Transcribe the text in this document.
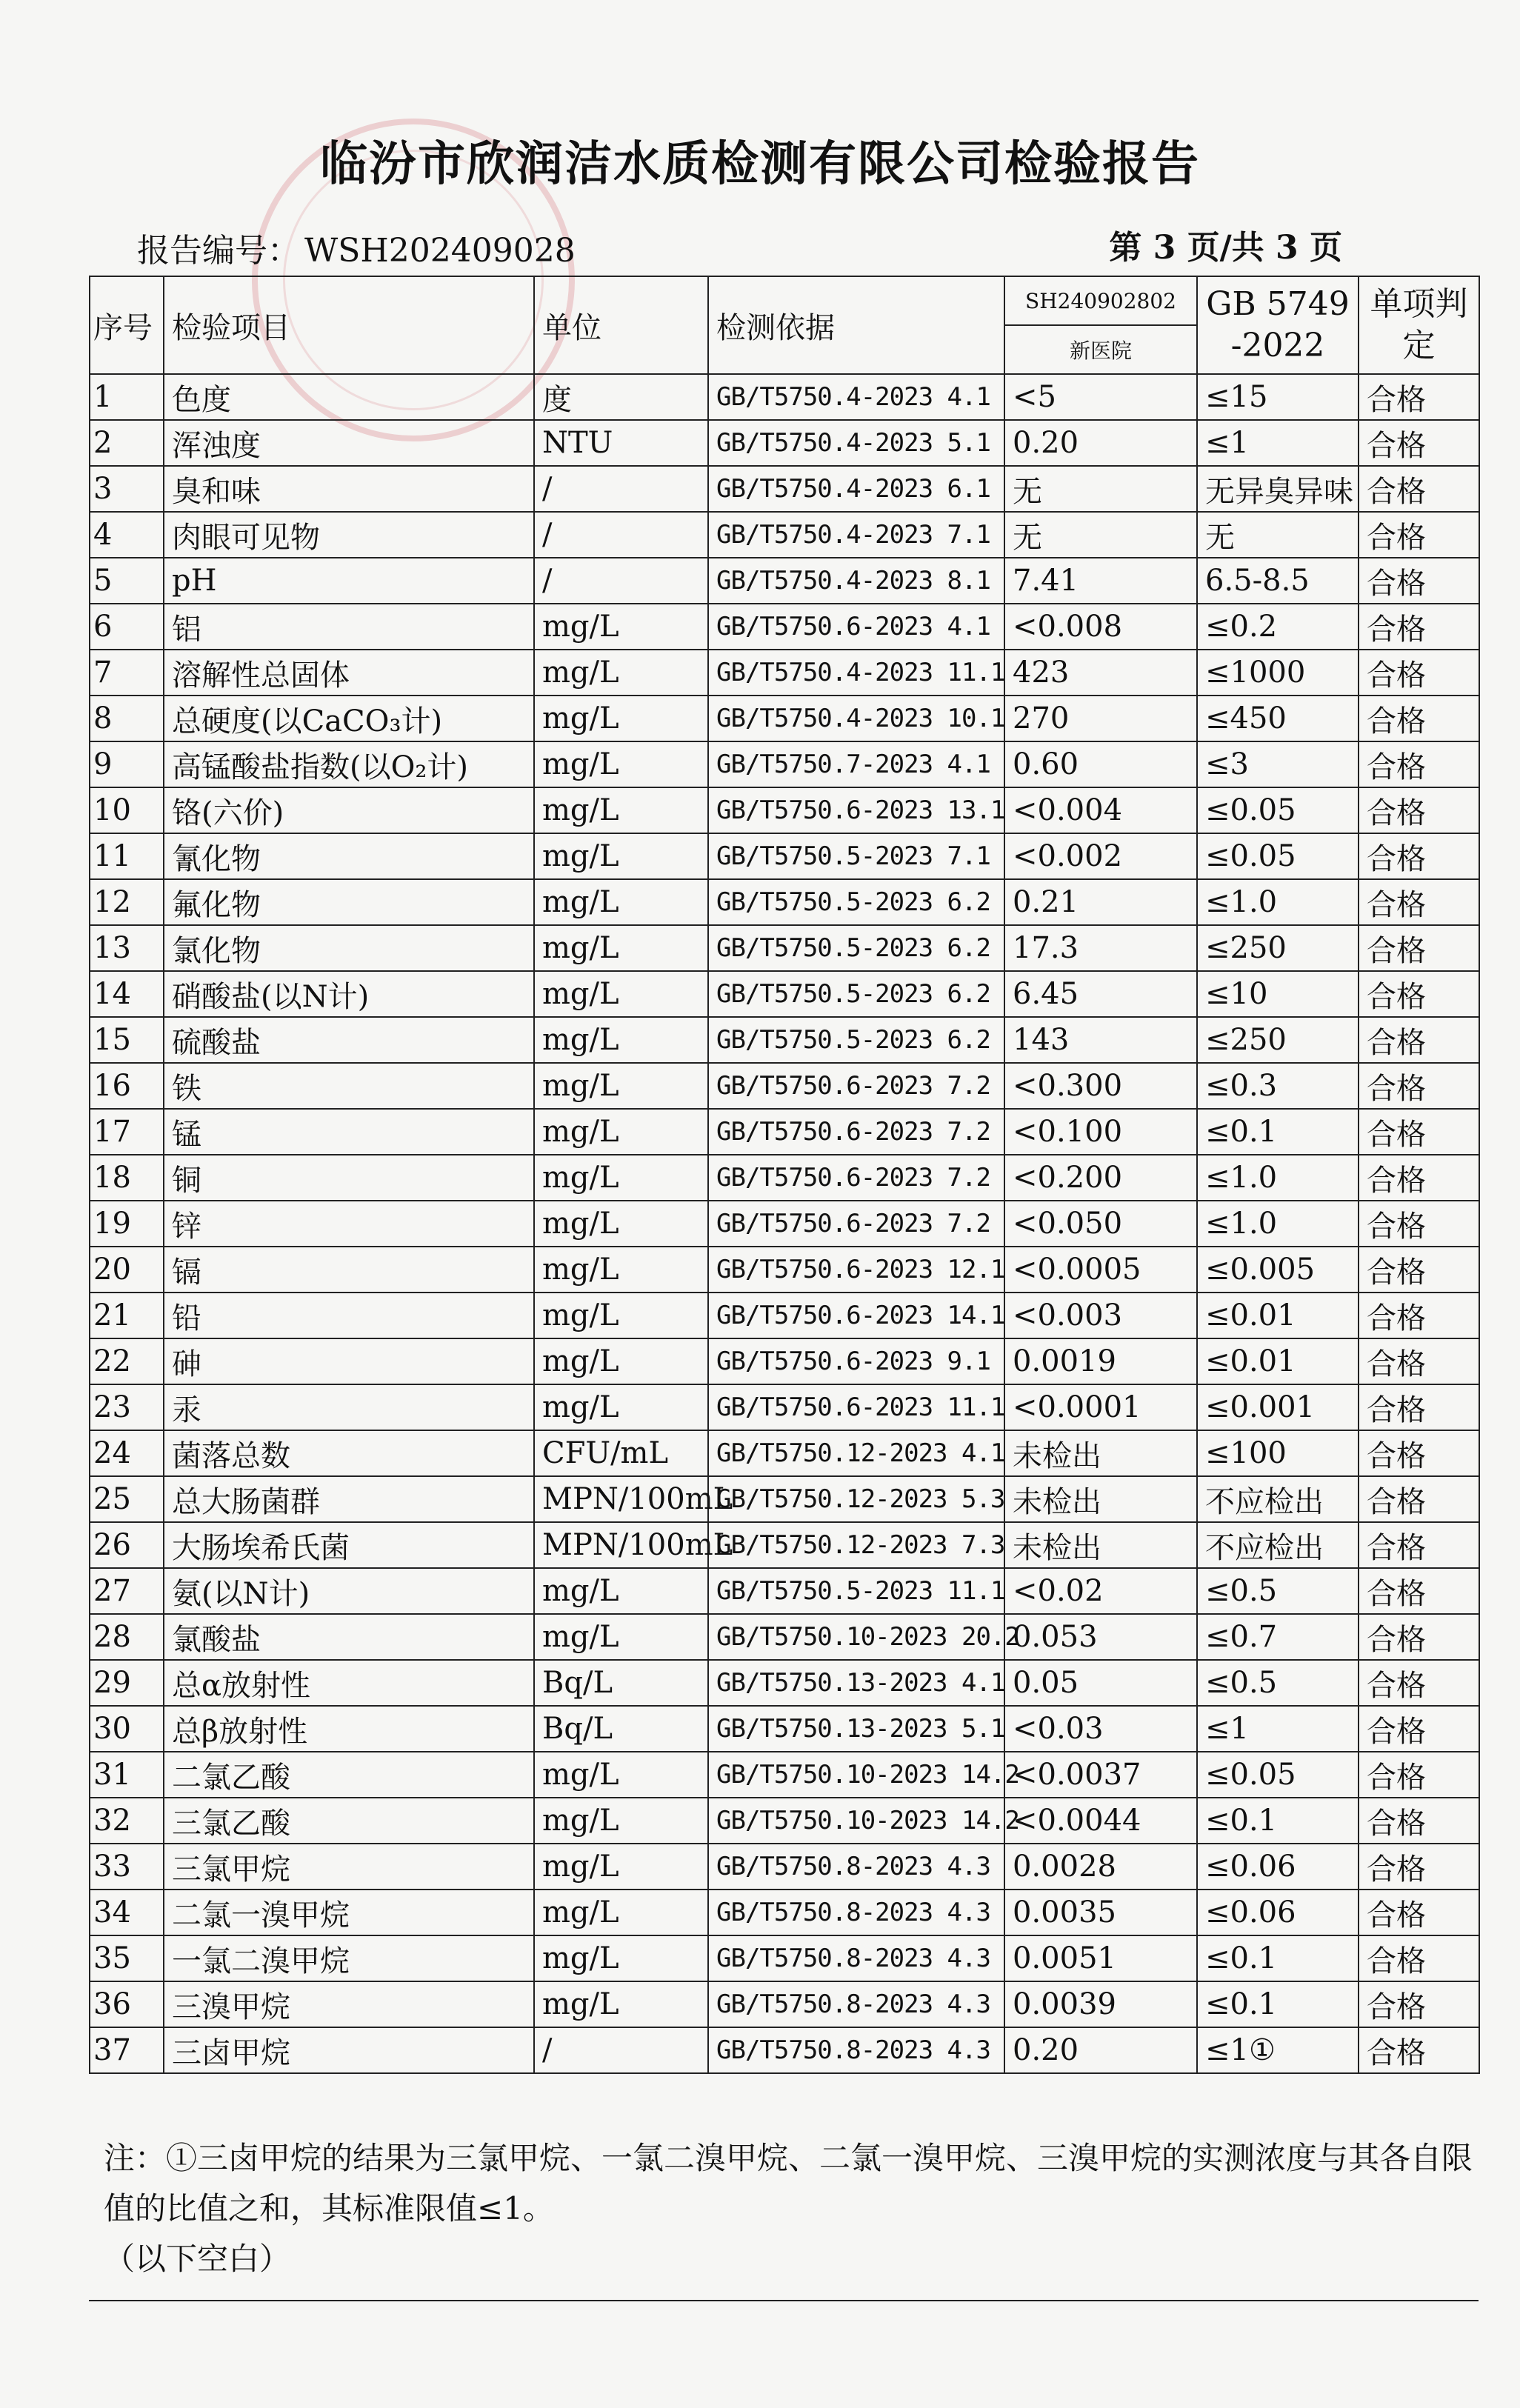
临汾市欣润洁水质检测有限公司检验报告
报告编号： WSH202409028	第 3 页/共 3 页
序号	检验项目	单位	检测依据	SH240902802	GB 5749 -2022	单项判定
				新医院		
1	色度	度	GB/T5750.4-2023 4.1	<5	≤15	合格
2	浑浊度	NTU	GB/T5750.4-2023 5.1	0.20	≤1	合格
3	臭和味	/	GB/T5750.4-2023 6.1	无	无异臭异味	合格
4	肉眼可见物	/	GB/T5750.4-2023 7.1	无	无	合格
5	pH	/	GB/T5750.4-2023 8.1	7.41	6.5-8.5	合格
6	铝	mg/L	GB/T5750.6-2023 4.1	<0.008	≤0.2	合格
7	溶解性总固体	mg/L	GB/T5750.4-2023 11.1	423	≤1000	合格
8	总硬度(以CaCO₃计)	mg/L	GB/T5750.4-2023 10.1	270	≤450	合格
9	高锰酸盐指数(以O₂计)	mg/L	GB/T5750.7-2023 4.1	0.60	≤3	合格
10	铬(六价)	mg/L	GB/T5750.6-2023 13.1	<0.004	≤0.05	合格
11	氰化物	mg/L	GB/T5750.5-2023 7.1	<0.002	≤0.05	合格
12	氟化物	mg/L	GB/T5750.5-2023 6.2	0.21	≤1.0	合格
13	氯化物	mg/L	GB/T5750.5-2023 6.2	17.3	≤250	合格
14	硝酸盐(以N计)	mg/L	GB/T5750.5-2023 6.2	6.45	≤10	合格
15	硫酸盐	mg/L	GB/T5750.5-2023 6.2	143	≤250	合格
16	铁	mg/L	GB/T5750.6-2023 7.2	<0.300	≤0.3	合格
17	锰	mg/L	GB/T5750.6-2023 7.2	<0.100	≤0.1	合格
18	铜	mg/L	GB/T5750.6-2023 7.2	<0.200	≤1.0	合格
19	锌	mg/L	GB/T5750.6-2023 7.2	<0.050	≤1.0	合格
20	镉	mg/L	GB/T5750.6-2023 12.1	<0.0005	≤0.005	合格
21	铅	mg/L	GB/T5750.6-2023 14.1	<0.003	≤0.01	合格
22	砷	mg/L	GB/T5750.6-2023 9.1	0.0019	≤0.01	合格
23	汞	mg/L	GB/T5750.6-2023 11.1	<0.0001	≤0.001	合格
24	菌落总数	CFU/mL	GB/T5750.12-2023 4.1	未检出	≤100	合格
25	总大肠菌群	MPN/100mL	GB/T5750.12-2023 5.3	未检出	不应检出	合格
26	大肠埃希氏菌	MPN/100mL	GB/T5750.12-2023 7.3	未检出	不应检出	合格
27	氨(以N计)	mg/L	GB/T5750.5-2023 11.1	<0.02	≤0.5	合格
28	氯酸盐	mg/L	GB/T5750.10-2023 20.2	0.053	≤0.7	合格
29	总α放射性	Bq/L	GB/T5750.13-2023 4.1	0.05	≤0.5	合格
30	总β放射性	Bq/L	GB/T5750.13-2023 5.1	<0.03	≤1	合格
31	二氯乙酸	mg/L	GB/T5750.10-2023 14.2	<0.0037	≤0.05	合格
32	三氯乙酸	mg/L	GB/T5750.10-2023 14.2	<0.0044	≤0.1	合格
33	三氯甲烷	mg/L	GB/T5750.8-2023 4.3	0.0028	≤0.06	合格
34	二氯一溴甲烷	mg/L	GB/T5750.8-2023 4.3	0.0035	≤0.06	合格
35	一氯二溴甲烷	mg/L	GB/T5750.8-2023 4.3	0.0051	≤0.1	合格
36	三溴甲烷	mg/L	GB/T5750.8-2023 4.3	0.0039	≤0.1	合格
37	三卤甲烷	/	GB/T5750.8-2023 4.3	0.20	≤1①	合格
注：①三卤甲烷的结果为三氯甲烷、一氯二溴甲烷、二氯一溴甲烷、三溴甲烷的实测浓度与其各自限值的比值之和，其标准限值≤1。
（以下空白）
